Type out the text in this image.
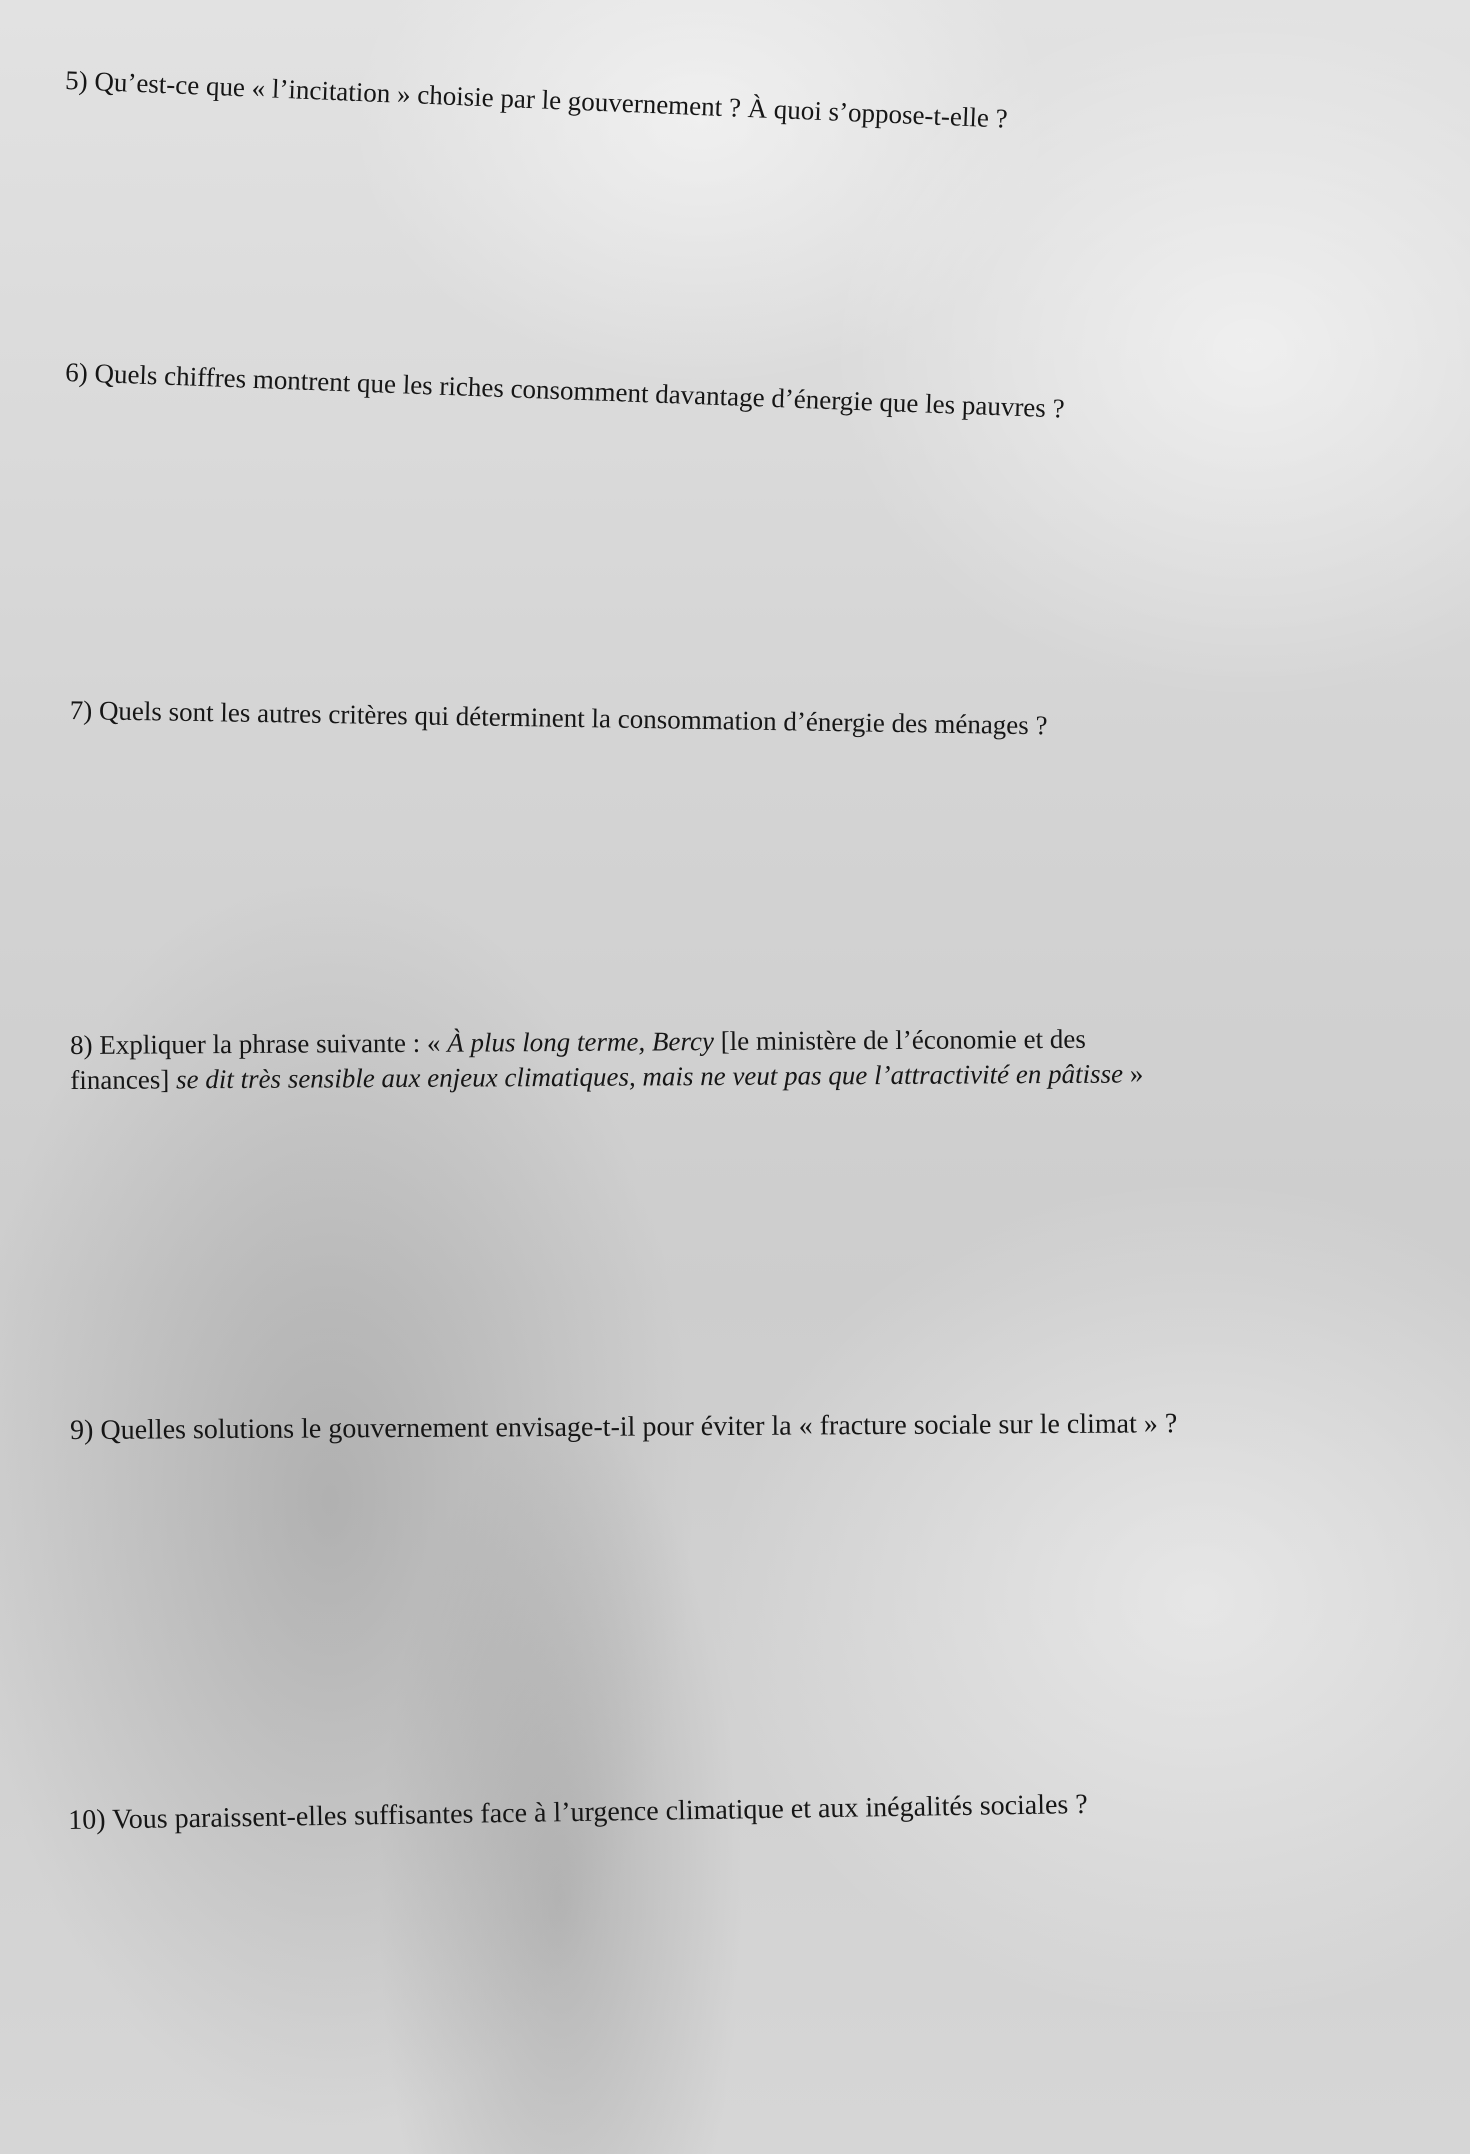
5) Qu’est-ce que « l’incitation » choisie par le gouvernement ? À quoi s’oppose-t-elle ?

6) Quels chiffres montrent que les riches consomment davantage d’énergie que les pauvres ?

7) Quels sont les autres critères qui déterminent la consommation d’énergie des ménages ?

8) Expliquer la phrase suivante : « À plus long terme, Bercy [le ministère de l’économie et des
finances] se dit très sensible aux enjeux climatiques, mais ne veut pas que l’attractivité en pâtisse »

9) Quelles solutions le gouvernement envisage-t-il pour éviter la « fracture sociale sur le climat » ?

10) Vous paraissent-elles suffisantes face à l’urgence climatique et aux inégalités sociales ?
